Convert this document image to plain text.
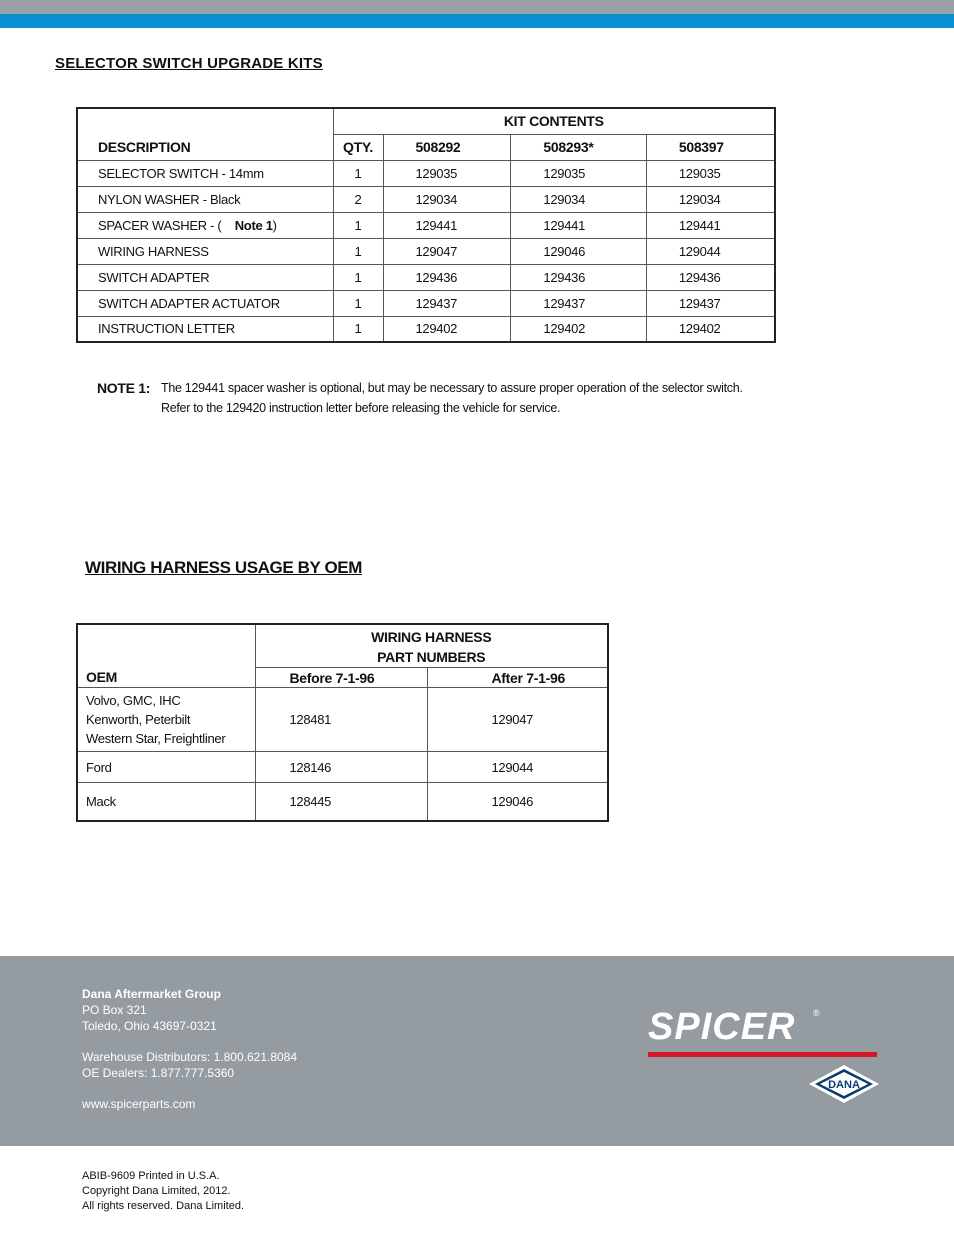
SELECTOR SWITCH UPGRADE KITS
	KIT CONTENTS			
DESCRIPTION	QTY.	508292	508293*	508397
SELECTOR SWITCH - 14mm	1	129035	129035	129035
NYLON WASHER - Black	2	129034	129034	129034
SPACER WASHER - ( Note 1)	1	129441	129441	129441
WIRING HARNESS	1	129047	129046	129044
SWITCH ADAPTER	1	129436	129436	129436
SWITCH ADAPTER ACTUATOR	1	129437	129437	129437
INSTRUCTION LETTER	1	129402	129402	129402
NOTE 1: The 129441 spacer washer is optional, but may be necessary to assure proper operation of the selector switch.
Refer to the 129420 instruction letter before releasing the vehicle for service.
WIRING HARNESS USAGE BY OEM

	WIRING HARNESS
PART NUMBERS	

OEM	Before 7-1-96	After 7-1-96

Volvo, GMC, IHC
Kenworth, Peterbilt
Western Star, Freightliner	128481	129047
Ford	128146	129044
Mack	128445	129046
Dana Aftermarket Group
PO Box 321
Toledo, Ohio 43697-0321
Warehouse Distributors: 1.800.621.8084
OE Dealers: 1.877.777.5360
www.spicerparts.com
SPICER ®
DANA
ABIB-9609 Printed in U.S.A.
Copyright Dana Limited, 2012.
All rights reserved. Dana Limited.
